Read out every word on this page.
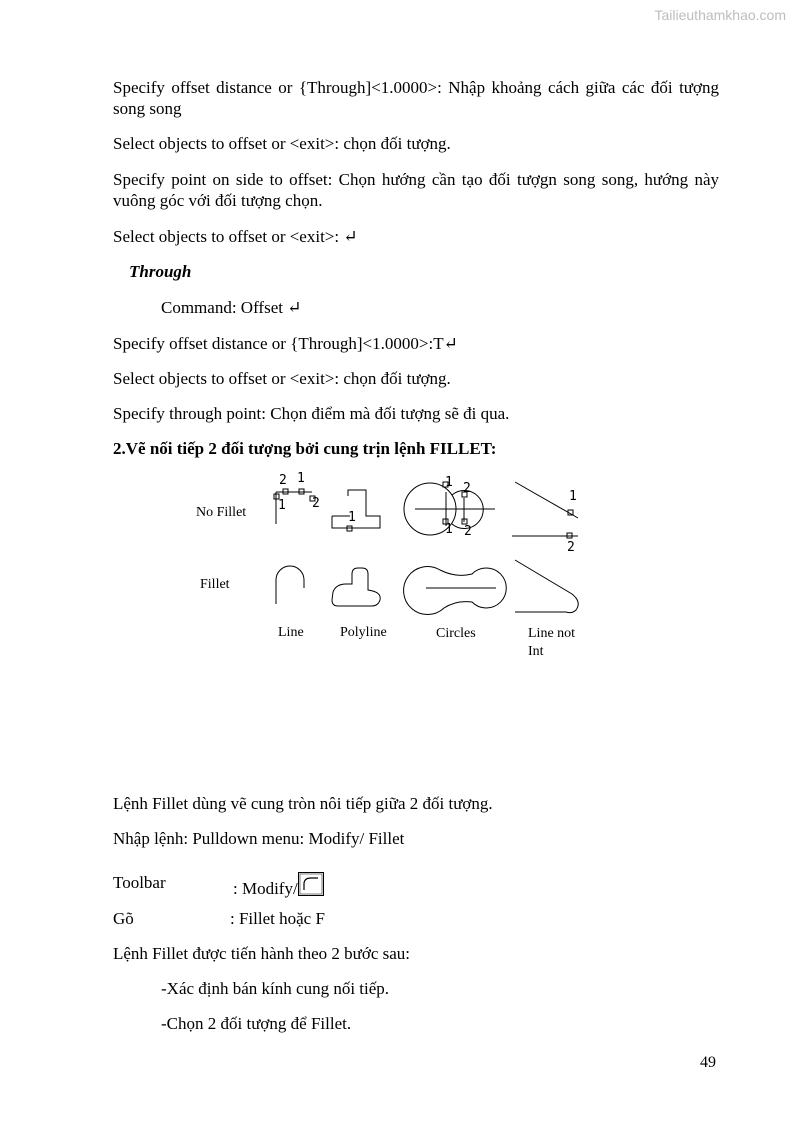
Tailieuthamkhao.com
Specify offset distance or {Through]<1.0000>: Nhập khoảng cách giữa các đối tượng song song
Select objects to offset or <exit>: chọn đối tượng.
Specify point on side to offset: Chọn hướng cần tạo đối tượgn song song, hướng này vuông góc với đối tượng chọn.
Select objects to offset or <exit>: ↵
Through
Command: Offset ↵
Specify offset distance or {Through]<1.0000>:T↵
Select objects to offset or <exit>: chọn đối tượng.
Specify through point: Chọn điểm mà đối tượng sẽ đi qua.
2.Vẽ nối tiếp 2 đối tượng bởi cung trịn lệnh FILLET:
No Fillet
Fillet
2 1
2
1
1
1 2
1 2
1
2
Line	Polyline	Circles	Line not
Int
Lệnh Fillet dùng vẽ cung tròn nôi tiếp giữa 2 đối tượng.
Nhập lệnh: Pulldown menu: Modify/ Fillet
Toolbar	: Modify/
Gõ	: Fillet hoặc F
Lệnh Fillet được tiến hành theo 2 bước sau:
-Xác định bán kính cung nối tiếp.
-Chọn 2 đối tượng để Fillet.
49
